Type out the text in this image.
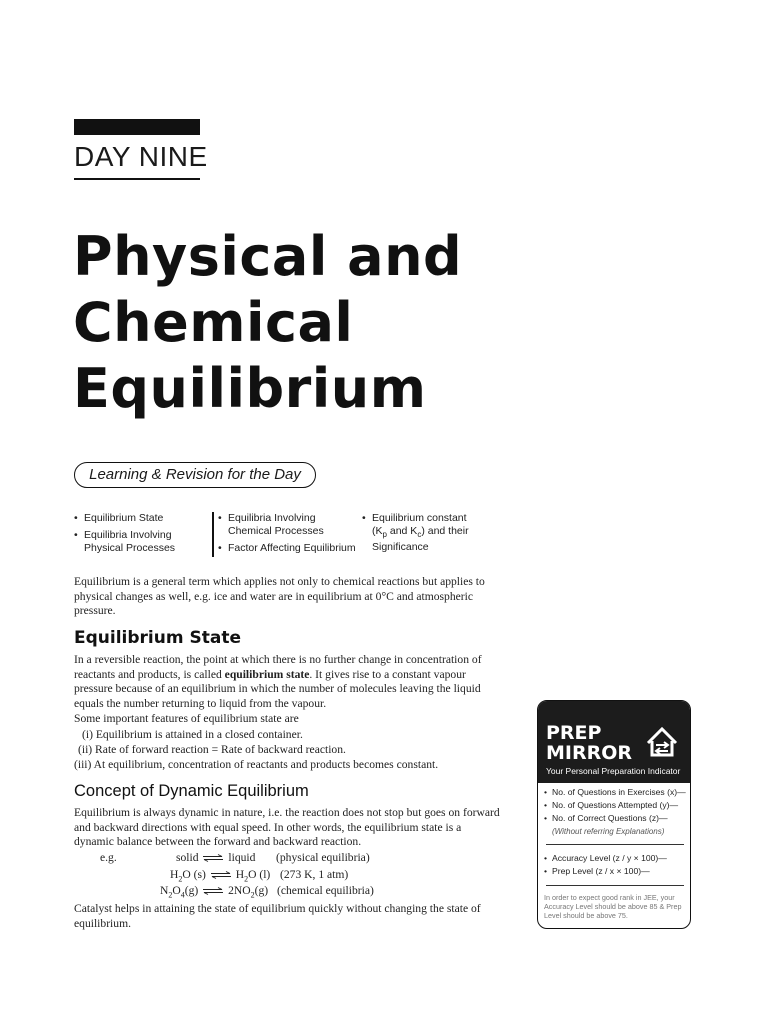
DAY NINE
Physical and
Chemical
Equilibrium
Learning & Revision for the Day
• Equilibrium State
• Equilibria Involving Physical Processes
• Equilibria Involving Chemical Processes
• Factor Affecting Equilibrium
• Equilibrium constant ($K_p$ and $K_c$) and their Significance
Equilibrium is a general term which applies not only to chemical reactions but applies to physical changes as well, e.g. ice and water are in equilibrium at 0°C and atmospheric pressure.
Equilibrium State
In a reversible reaction, the point at which there is no further change in concentration of reactants and products, is called equilibrium state. It gives rise to a constant vapour pressure because of an equilibrium in which the number of molecules leaving the liquid equals the number returning to liquid from the vapour.
Some important features of equilibrium state are
(i) Equilibrium is attained in a closed container.
(ii) Rate of forward reaction = Rate of backward reaction.
(iii) At equilibrium, concentration of reactants and products becomes constant.
Concept of Dynamic Equilibrium
Equilibrium is always dynamic in nature, i.e. the reaction does not stop but goes on forward and backward directions with equal speed. In other words, the equilibrium state is a dynamic balance between the forward and backward reaction.
e.g.	solid ⇌ liquid (physical equilibria)
$H_2O$ (s) ⇌ $H_2O$ (l) (273 K, 1 atm)
$N_2O_4(g)$ ⇌ $2NO_2(g)$ (chemical equilibria)
Catalyst helps in attaining the state of equilibrium quickly without changing the state of equilibrium.
PREP
MIRROR
Your Personal Preparation Indicator
• No. of Questions in Exercises (x)—
• No. of Questions Attempted (y)—
• No. of Correct Questions (z)—
(Without referring Explanations)
• Accuracy Level (z / y × 100)—
• Prep Level (z / x × 100)—
In order to expect good rank in JEE, your Accuracy Level should be above 85 & Prep Level should be above 75.
